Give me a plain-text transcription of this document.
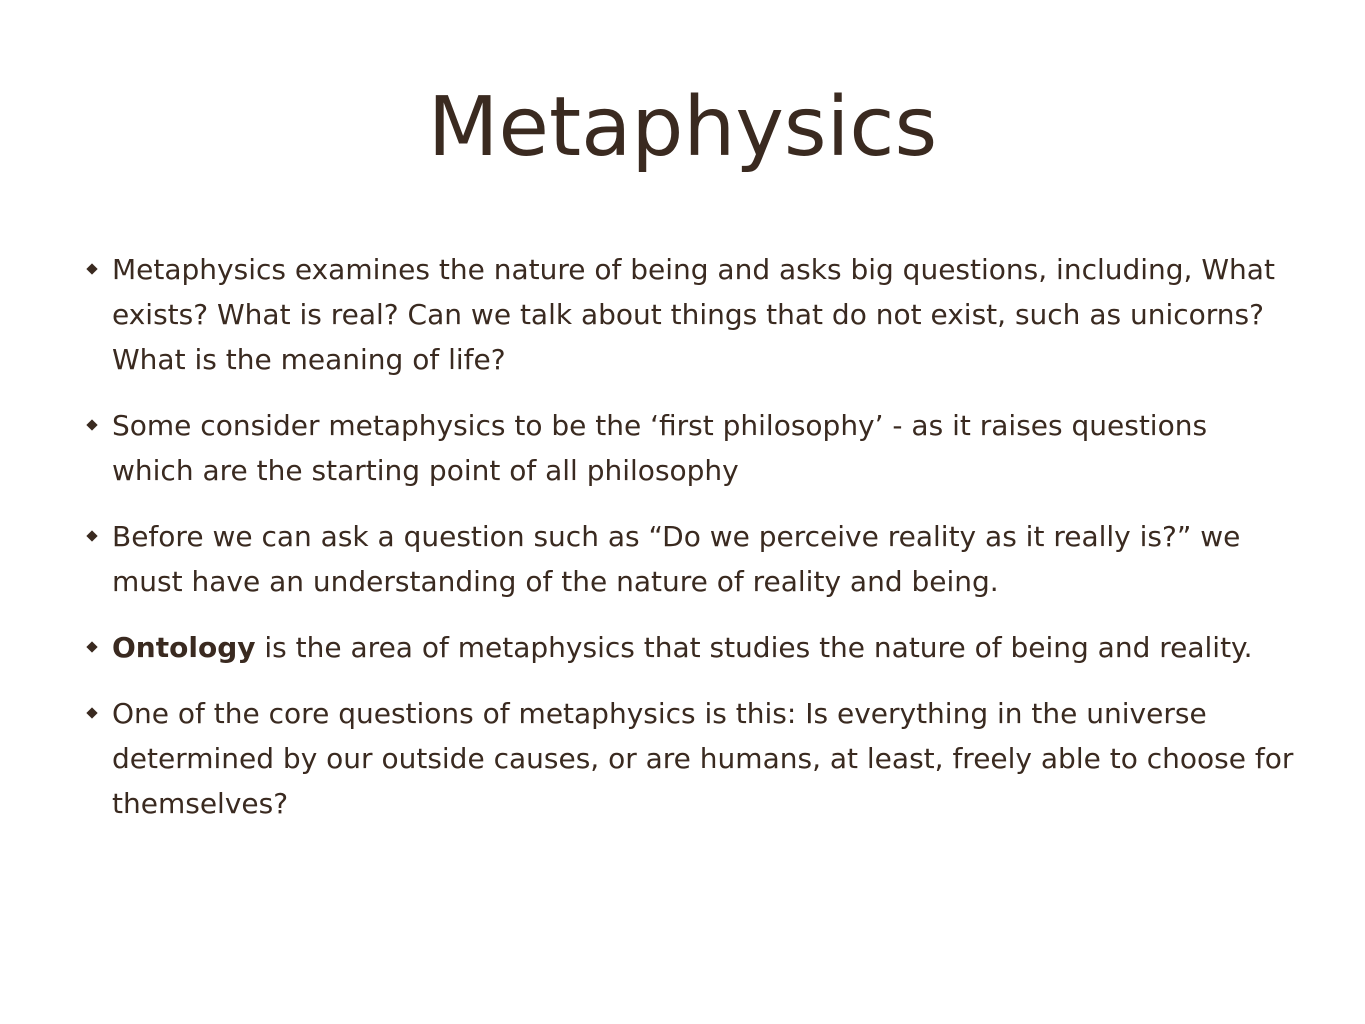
Metaphysics
Metaphysics examines the nature of being and asks big questions, including, What exists? What is real? Can we talk about things that do not exist, such as unicorns? What is the meaning of life?
Some consider metaphysics to be the ‘first philosophy’ - as it raises questions which are the starting point of all philosophy
Before we can ask a question such as “Do we perceive reality as it really is?” we must have an understanding of the nature of reality and being.
Ontology is the area of metaphysics that studies the nature of being and reality.
One of the core questions of metaphysics is this: Is everything in the universe determined by our outside causes, or are humans, at least, freely able to choose for themselves?
